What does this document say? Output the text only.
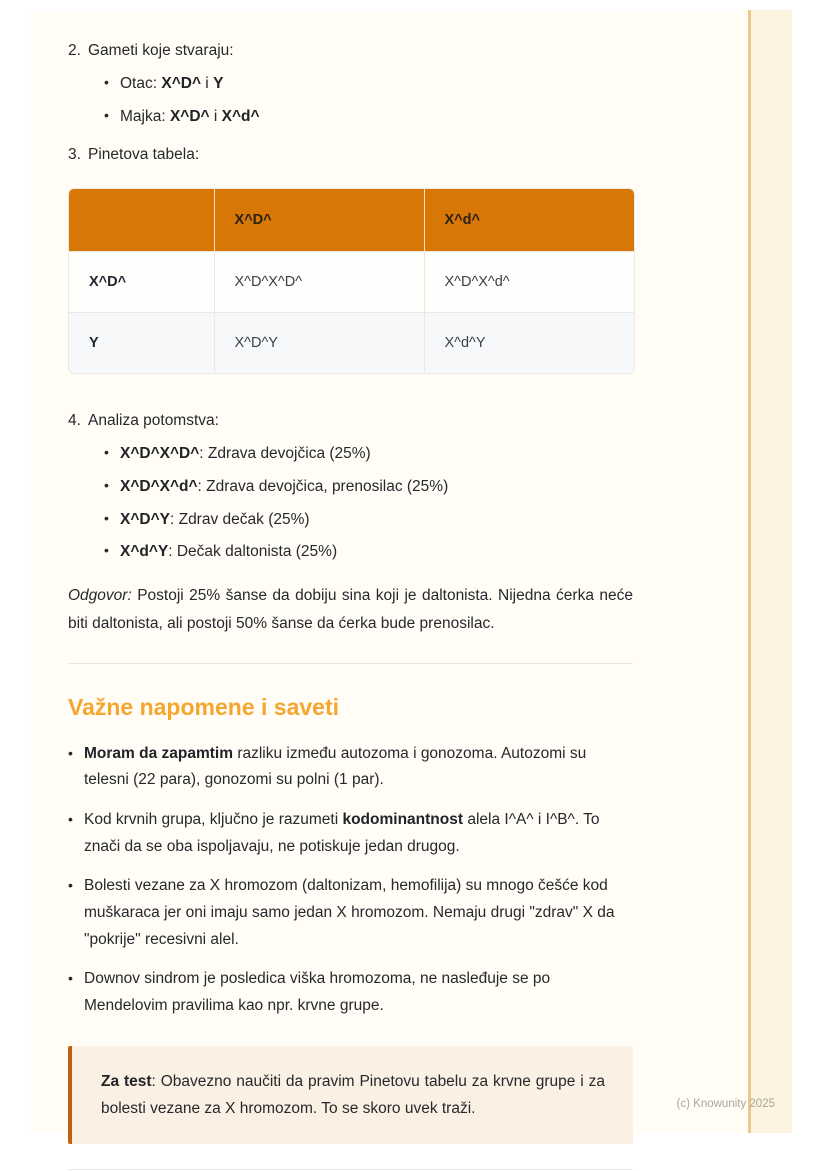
2. Gameti koje stvaraju:
•
Otac: X^D^ i Y
•
Majka: X^D^ i X^d^
3. Pinetova tabela:
	X^D^	X^d^
X^D^	X^D^X^D^	X^D^X^d^
Y	X^D^Y	X^d^Y
4. Analiza potomstva:
•
X^D^X^D^: Zdrava devojčica (25%)
•
X^D^X^d^: Zdrava devojčica, prenosilac (25%)
•
X^D^Y: Zdrav dečak (25%)
•
X^d^Y: Dečak daltonista (25%)

Odgovor: Postoji 25% šanse da dobiju sina koji je daltonista. Nijedna ćerka neće biti daltonista, ali postoji 50% šanse da ćerka bude prenosilac.

Važne napomene i saveti
•
Moram da zapamtim razliku između autozoma i gonozoma. Autozomi su telesni (22 para), gonozomi su polni (1 par).
•
Kod krvnih grupa, ključno je razumeti kodominantnost alela I^A^ i I^B^. To znači da se oba ispoljavaju, ne potiskuje jedan drugog.
•
Bolesti vezane za X hromozom (daltonizam, hemofilija) su mnogo češće kod muškaraca jer oni imaju samo jedan X hromozom. Nemaju drugi "zdrav" X da "pokrije" recesivni alel.
•
Downov sindrom je posledica viška hromozoma, ne nasleđuje se po Mendelovim pravilima kao npr. krvne grupe.
Za test: Obavezno naučiti da pravim Pinetovu tabelu za krvne grupe i za bolesti vezane za X hromozom. To se skoro uvek traži.	(c) Knowunity 2025
